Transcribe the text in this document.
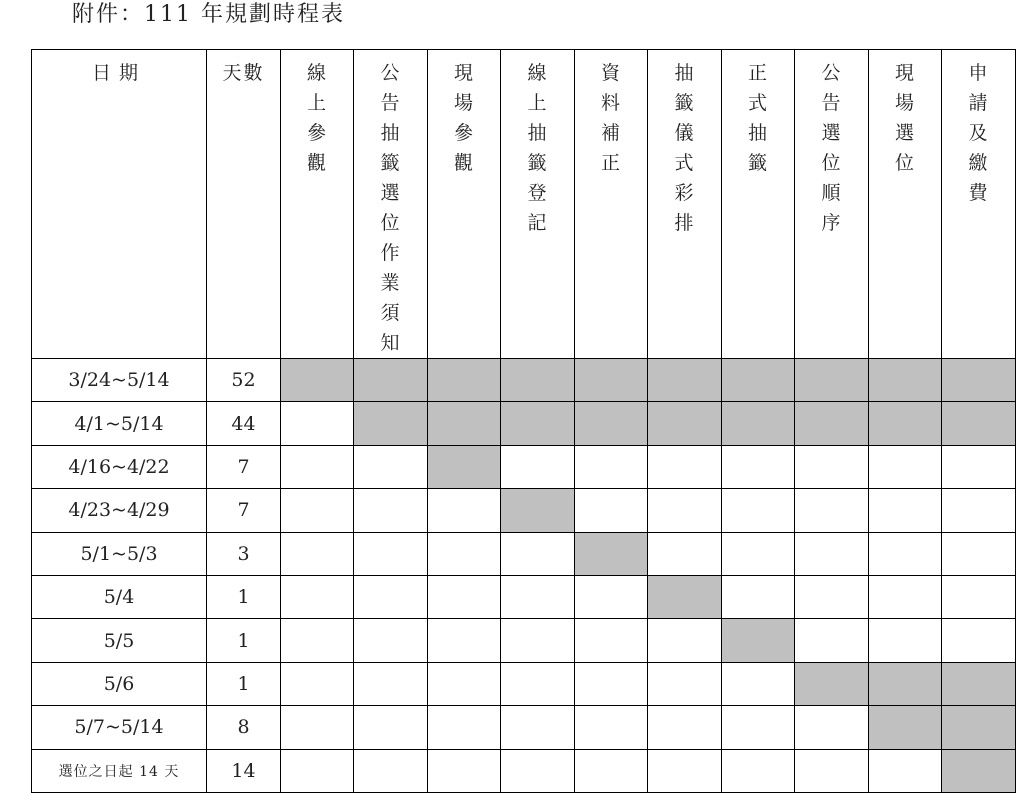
附件：111 年規劃時程表
日期	天數	線上參觀	公告抽籤選位作業須知	現場參觀	線上抽籤登記	資料補正	抽籤儀式彩排	正式抽籤	公告選位順序	現場選位	申請及繳費
3/24~5/14	52										
4/1~5/14	44										
4/16~4/22	7										
4/23~4/29	7										
5/1~5/3	3										
5/4	1										
5/5	1										
5/6	1										
5/7~5/14	8										
選位之日起 14 天	14										
